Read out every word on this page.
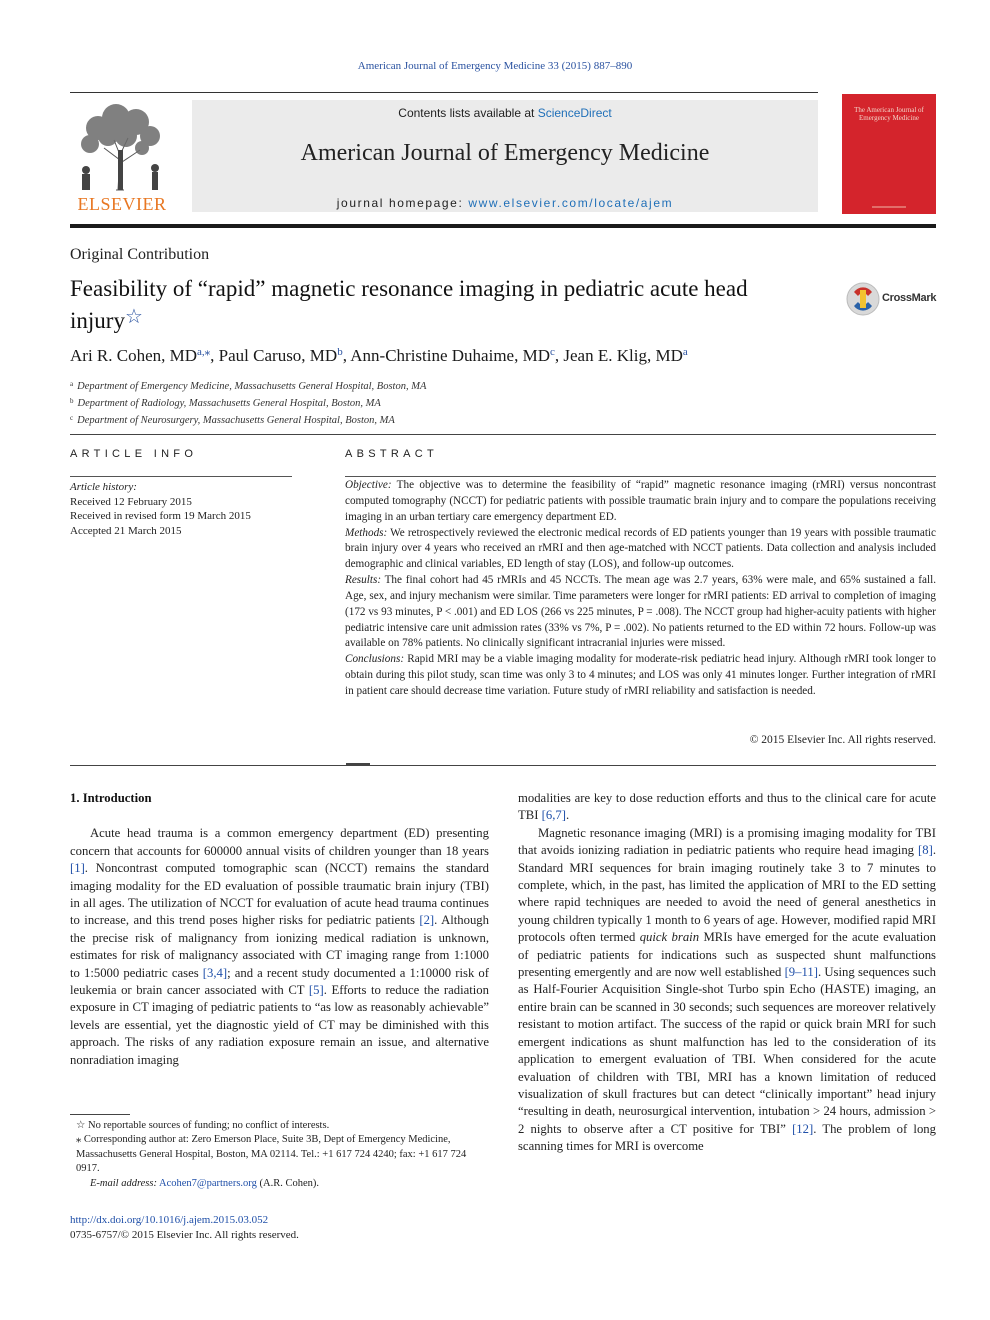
American Journal of Emergency Medicine 33 (2015) 887–890
ELSEVIER
Contents lists available at ScienceDirect
American Journal of Emergency Medicine
journal homepage: www.elsevier.com/locate/ajem
The American Journal of Emergency Medicine
Original Contribution
Feasibility of “rapid” magnetic resonance imaging in pediatric acute head injury☆
CrossMark
Ari R. Cohen, $MD^{a,⁎}$, Paul Caruso, $MD^b$, Ann-Christine Duhaime, $MD^c$, Jean E. Klig, $MD^a$
$^a$ Department of Emergency Medicine, Massachusetts General Hospital, Boston, MA
$^b$ Department of Radiology, Massachusetts General Hospital, Boston, MA
$^c$ Department of Neurosurgery, Massachusetts General Hospital, Boston, MA
ARTICLE INFO
Article history:
Received 12 February 2015
Received in revised form 19 March 2015
Accepted 21 March 2015
ABSTRACT

Objective: The objective was to determine the feasibility of “rapid” magnetic resonance imaging (rMRI) versus noncontrast computed tomography (NCCT) for pediatric patients with possible traumatic brain injury and to compare the populations receiving imaging in an urban tertiary care emergency department ED.

Methods: We retrospectively reviewed the electronic medical records of ED patients younger than 19 years with possible traumatic brain injury over 4 years who received an rMRI and then age-matched with NCCT patients. Data collection and analysis included demographic and clinical variables, ED length of stay (LOS), and follow-up outcomes.

Results: The final cohort had 45 rMRIs and 45 NCCTs. The mean age was 2.7 years, 63% were male, and 65% sustained a fall. Age, sex, and injury mechanism were similar. Time parameters were longer for rMRI patients: ED arrival to completion of imaging (172 vs 93 minutes, P < .001) and ED LOS (266 vs 225 minutes, P = .008). The NCCT group had higher-acuity patients with higher pediatric intensive care unit admission rates (33% vs 7%, P = .002). No patients returned to the ED within 72 hours. Follow-up was available on 78% patients. No clinically significant intracranial injuries were missed.

Conclusions: Rapid MRI may be a viable imaging modality for moderate-risk pediatric head injury. Although rMRI took longer to obtain during this pilot study, scan time was only 3 to 4 minutes; and LOS was only 41 minutes longer. Further integration of rMRI in patient care should decrease time variation. Future study of rMRI reliability and satisfaction is needed.

© 2015 Elsevier Inc. All rights reserved.
1. Introduction

Acute head trauma is a common emergency department (ED) presenting concern that accounts for 600000 annual visits of children younger than 18 years [1]. Noncontrast computed tomographic scan (NCCT) remains the standard imaging modality for the ED evaluation of possible traumatic brain injury (TBI) in all ages. The utilization of NCCT for evaluation of acute head trauma continues to increase, and this trend poses higher risks for pediatric patients [2]. Although the precise risk of malignancy from ionizing medical radiation is unknown, estimates for risk of malignancy associated with CT imaging range from 1:1000 to 1:5000 pediatric cases [3,4]; and a recent study documented a 1:10000 risk of leukemia or brain cancer associated with CT [5]. Efforts to reduce the radiation exposure in CT imaging of pediatric patients to “as low as reasonably achievable” levels are essential, yet the diagnostic yield of CT may be diminished with this approach. The risks of any radiation exposure remain an issue, and alternative nonradiation imaging

modalities are key to dose reduction efforts and thus to the clinical care for acute TBI [6,7].

Magnetic resonance imaging (MRI) is a promising imaging modality for TBI that avoids ionizing radiation in pediatric patients who require head imaging [8]. Standard MRI sequences for brain imaging routinely take 3 to 7 minutes to complete, which, in the past, has limited the application of MRI to the ED setting where rapid techniques are needed to avoid the need of general anesthetics in young children typically 1 month to 6 years of age. However, modified rapid MRI protocols often termed quick brain MRIs have emerged for the acute evaluation of pediatric patients for indications such as suspected shunt malfunctions presenting emergently and are now well established [9–11]. Using sequences such as Half-Fourier Acquisition Single-shot Turbo spin Echo (HASTE) imaging, an entire brain can be scanned in 30 seconds; such sequences are moreover relatively resistant to motion artifact. The success of the rapid or quick brain MRI for such emergent indications as shunt malfunction has led to the consideration of its application to emergent evaluation of TBI. When considered for the acute evaluation of children with TBI, MRI has a known limitation of reduced visualization of skull fractures but can detect “clinically important” head injury “resulting in death, neurosurgical intervention, intubation > 24 hours, admission > 2 nights to observe after a CT positive for TBI” [12]. The problem of long scanning times for MRI is overcome

☆ No reportable sources of funding; no conflict of interests.
⁎ Corresponding author at: Zero Emerson Place, Suite 3B, Dept of Emergency Medicine, Massachusetts General Hospital, Boston, MA 02114. Tel.: +1 617 724 4240; fax: +1 617 724 0917.
E-mail address: Acohen7@partners.org (A.R. Cohen).
http://dx.doi.org/10.1016/j.ajem.2015.03.052
0735-6757/© 2015 Elsevier Inc. All rights reserved.
